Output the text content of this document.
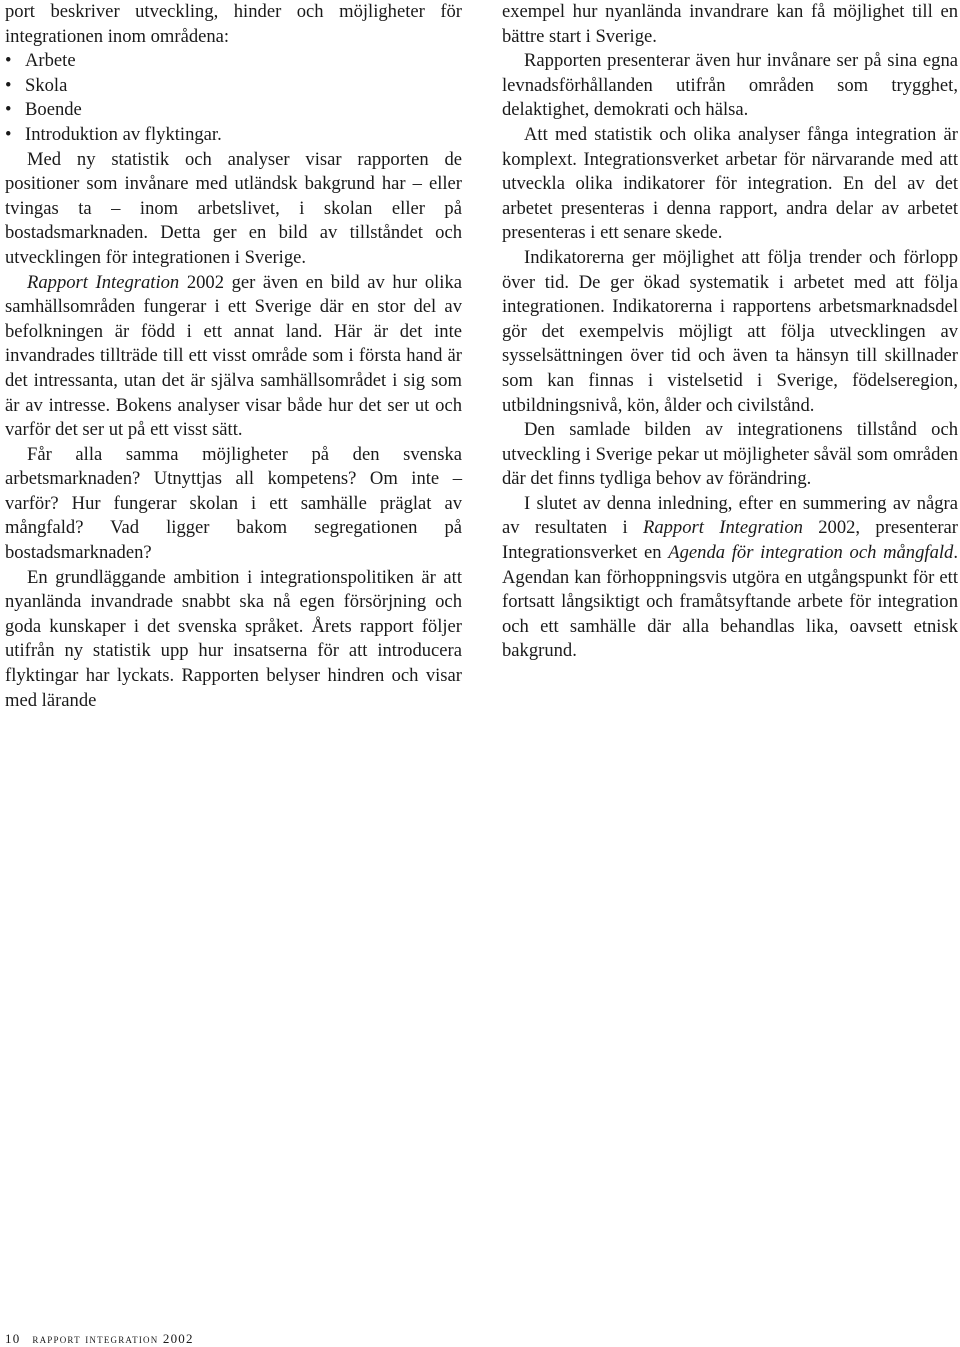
port beskriver utveckling, hinder och möjligheter för integrationen inom områdena:

• Arbete
• Skola
• Boende
• Introduktion av flyktingar.

Med ny statistik och analyser visar rapporten de positioner som invånare med utländsk bakgrund har – eller tvingas ta – inom arbetslivet, i skolan eller på bostadsmarknaden. Detta ger en bild av tillståndet och utvecklingen för integrationen i Sverige.

Rapport Integration 2002 ger även en bild av hur olika samhällsområden fungerar i ett Sverige där en stor del av befolkningen är född i ett annat land. Här är det inte invandrades tillträde till ett visst område som i första hand är det intressanta, utan det är själva samhällsområdet i sig som är av intresse. Bokens analyser visar både hur det ser ut och varför det ser ut på ett visst sätt.

Får alla samma möjligheter på den svenska arbetsmarknaden? Utnyttjas all kompetens? Om inte – varför? Hur fungerar skolan i ett samhälle präglat av mångfald? Vad ligger bakom segregationen på bostadsmarknaden?

En grundläggande ambition i integrationspolitiken är att nyanlända invandrade snabbt ska nå egen försörjning och goda kunskaper i det svenska språket. Årets rapport följer utifrån ny statistik upp hur insatserna för att introducera flyktingar har lyckats. Rapporten belyser hindren och visar med lärande

exempel hur nyanlända invandrare kan få möjlighet till en bättre start i Sverige.

Rapporten presenterar även hur invånare ser på sina egna levnadsförhållanden utifrån områden som trygghet, delaktighet, demokrati och hälsa.

Att med statistik och olika analyser fånga integration är komplext. Integrationsverket arbetar för närvarande med att utveckla olika indikatorer för integration. En del av det arbetet presenteras i denna rapport, andra delar av arbetet presenteras i ett senare skede.

Indikatorerna ger möjlighet att följa trender och förlopp över tid. De ger ökad systematik i arbetet med att följa integrationen. Indikatorerna i rapportens arbetsmarknadsdel gör det exempelvis möjligt att följa utvecklingen av sysselsättningen över tid och även ta hänsyn till skillnader som kan finnas i vistelsetid i Sverige, födelseregion, utbildningsnivå, kön, ålder och civilstånd.

Den samlade bilden av integrationens tillstånd och utveckling i Sverige pekar ut möjligheter såväl som områden där det finns tydliga behov av förändring.

I slutet av denna inledning, efter en summering av några av resultaten i Rapport Integration 2002, presenterar Integrationsverket en Agenda för integration och mångfald. Agendan kan förhoppningsvis utgöra en utgångspunkt för ett fortsatt långsiktigt och framåtsyftande arbete för integration och ett samhälle där alla behandlas lika, oavsett etnisk bakgrund.

10 rapport integration 2002
